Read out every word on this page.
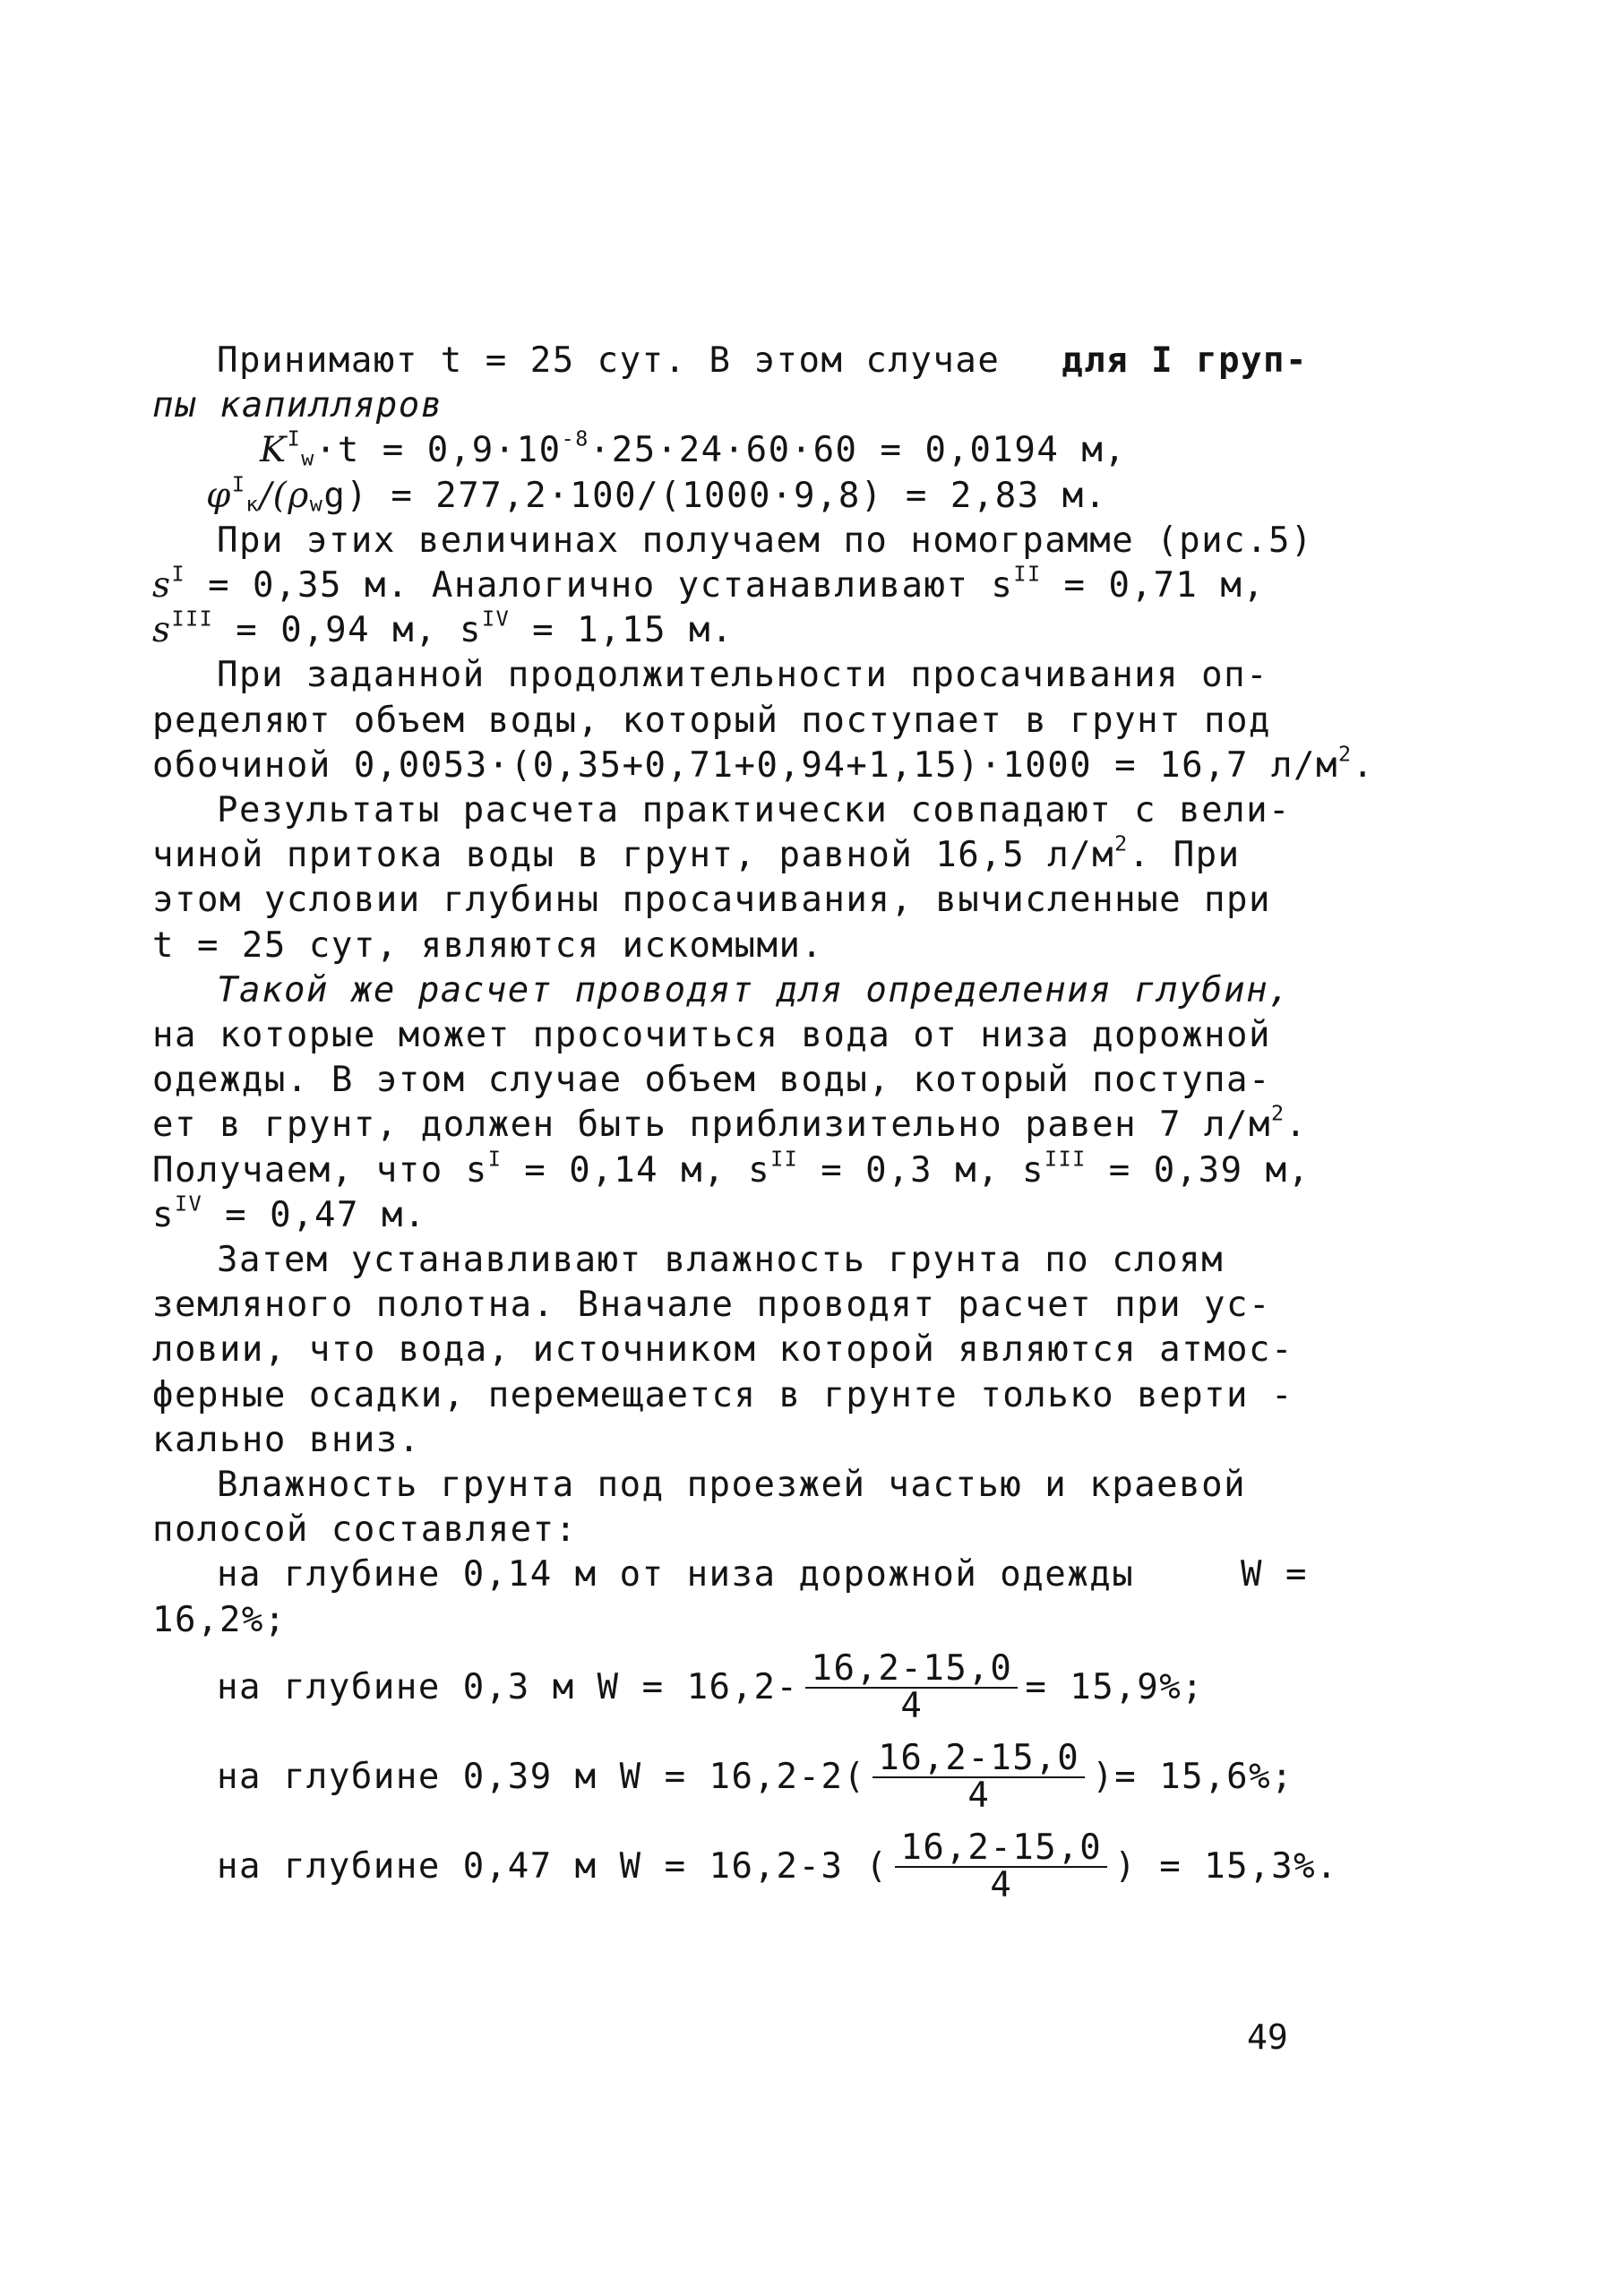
Принимают t = 25 сут. В этом случае для I груп-
пы капилляров
$K^I_w\cdot t = 0,9\cdot 10^{-8}\cdot 25\cdot 24\cdot 60\cdot 60 = 0,0194$ м,
$\varphi^I_к/(\rho_wg) = 277,2\cdot 100/(1000\cdot 9,8) = 2,83$ м.
При этих величинах получаем по номограмме (рис.5)
$s^I = 0,35$ м. Аналогично устанавливают $s^{II} = 0,71$ м,
$s^{III} = 0,94$ м, $s^{IV} = 1,15$ м.
При заданной продолжительности просачивания оп-
ределяют объем воды, который поступает в грунт под
обочиной 0,0053·(0,35+0,71+0,94+1,15)·1000 = 16,7 $л/м^2$.
Результаты расчета практически совпадают с вели-
чиной притока воды в грунт, равной 16,5 $л/м^2$. При
этом условии глубины просачивания, вычисленные при
t = 25 сут, являются искомыми.
Такой же расчет проводят для определения глубин,
на которые может просочиться вода от низа дорожной
одежды. В этом случае объем воды, который поступа-
ет в грунт, должен быть приблизительно равен 7 $л/м^2$.
Получаем, что $s^I = 0,14$ м, $s^{II} = 0,3$ м, $s^{III} = 0,39$ м,
$s^{IV} = 0,47$ м.
Затем устанавливают влажность грунта по слоям
земляного полотна. Вначале проводят расчет при ус-
ловии, что вода, источником которой являются атмос-
ферные осадки, перемещается в грунте только верти -
кально вниз.
Влажность грунта под проезжей частью и краевой
полосой составляет:
на глубине 0,14 м от низа дорожной одежды	W =
16,2%;
на глубине 0,3 м $W = 16,2- \frac{16,2-15,0}{4} = 15,9\%$;
на глубине 0,39 м $W = 16,2-2( \frac{16,2-15,0}{4}$ )= 15,6%;
на глубине 0,47 м W = 16,2-3 ( $\frac{16,2-15,0}{4}$ ) = 15,3%.
49
